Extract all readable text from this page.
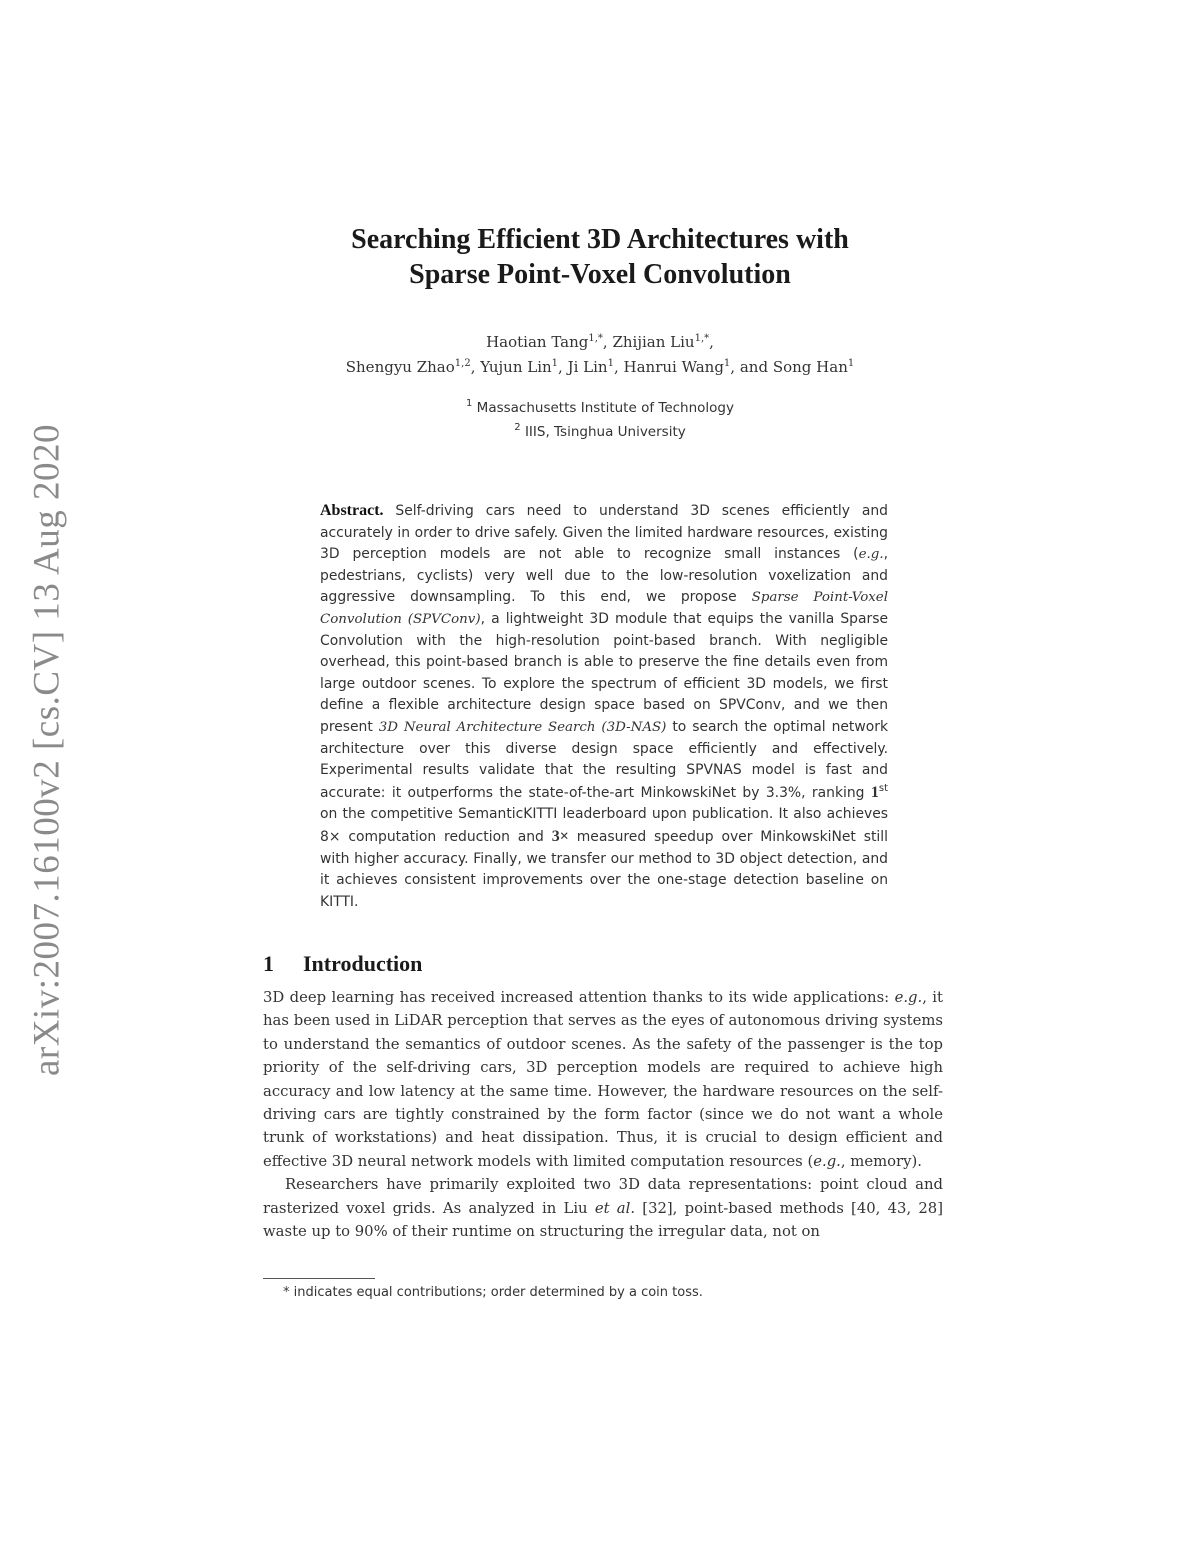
arXiv:2007.16100v2 [cs.CV] 13 Aug 2020
Searching Efficient 3D Architectures with
Sparse Point-Voxel Convolution
Haotian Tang$^{1,*}$, Zhijian Liu$^{1,*}$,
Shengyu Zhao$^{1,2}$, Yujun Lin$^1$, Ji Lin$^1$, Hanrui Wang$^1$, and Song Han$^1$
$^1$ Massachusetts Institute of Technology
$^2$ IIIS, Tsinghua University
Abstract. Self-driving cars need to understand 3D scenes efficiently and accurately in order to drive safely. Given the limited hardware resources, existing 3D perception models are not able to recognize small instances (e.g., pedestrians, cyclists) very well due to the low-resolution voxelization and aggressive downsampling. To this end, we propose Sparse Point-Voxel Convolution (SPVConv), a lightweight 3D module that equips the vanilla Sparse Convolution with the high-resolution point-based branch. With negligible overhead, this point-based branch is able to preserve the fine details even from large outdoor scenes. To explore the spectrum of efficient 3D models, we first define a flexible architecture design space based on SPVConv, and we then present 3D Neural Architecture Search (3D-NAS) to search the optimal network architecture over this diverse design space efficiently and effectively. Experimental results validate that the resulting SPVNAS model is fast and accurate: it outperforms the state-of-the-art MinkowskiNet by 3.3%, ranking 1st on the competitive SemanticKITTI leaderboard upon publication. It also achieves 8× computation reduction and 3× measured speedup over MinkowskiNet still with higher accuracy. Finally, we transfer our method to 3D object detection, and it achieves consistent improvements over the one-stage detection baseline on KITTI.
1 Introduction

3D deep learning has received increased attention thanks to its wide applications: e.g., it has been used in LiDAR perception that serves as the eyes of autonomous driving systems to understand the semantics of outdoor scenes. As the safety of the passenger is the top priority of the self-driving cars, 3D perception models are required to achieve high accuracy and low latency at the same time. However, the hardware resources on the self-driving cars are tightly constrained by the form factor (since we do not want a whole trunk of workstations) and heat dissipation. Thus, it is crucial to design efficient and effective 3D neural network models with limited computation resources (e.g., memory).

Researchers have primarily exploited two 3D data representations: point cloud and rasterized voxel grids. As analyzed in Liu et al. [32], point-based methods [40, 43, 28] waste up to 90% of their runtime on structuring the irregular data, not on

* indicates equal contributions; order determined by a coin toss.
